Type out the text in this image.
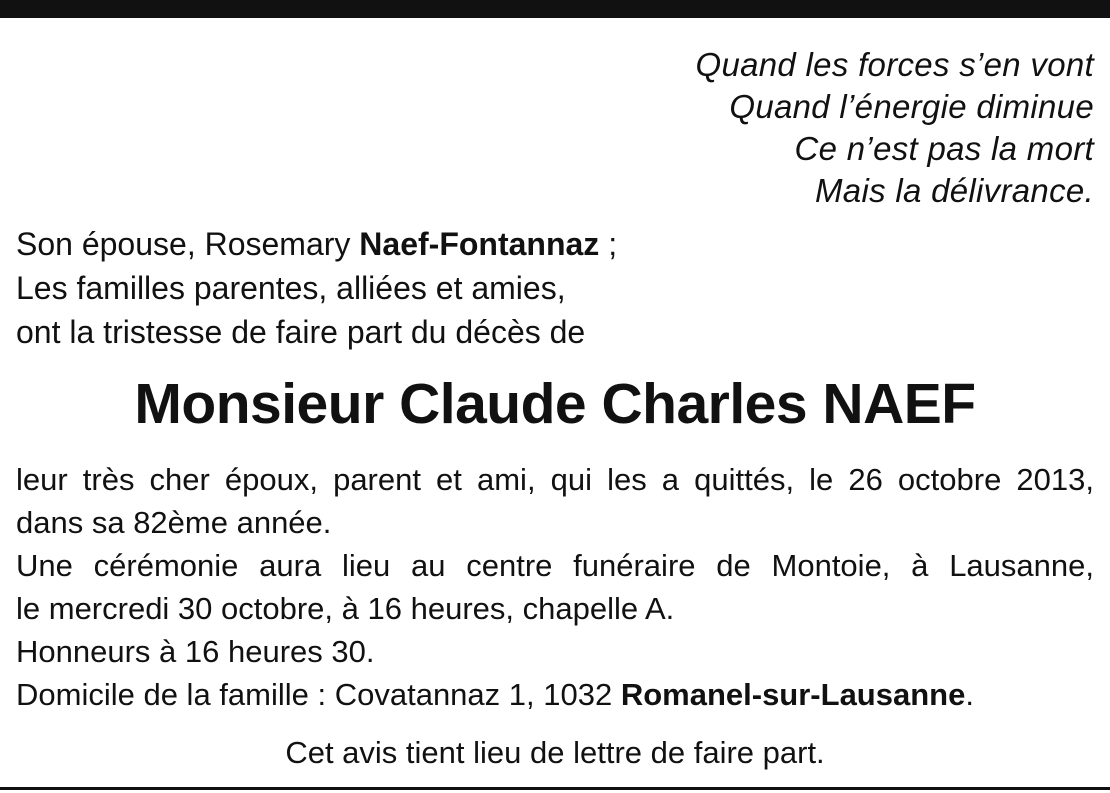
Quand les forces s’en vont
Quand l’énergie diminue
Ce n’est pas la mort
Mais la délivrance.
Son épouse, Rosemary Naef-Fontannaz ;
Les familles parentes, alliées et amies,
ont la tristesse de faire part du décès de
Monsieur Claude Charles NAEF
leur très cher époux, parent et ami, qui les a quittés, le 26 octobre 2013,
dans sa 82ème année.
Une cérémonie aura lieu au centre funéraire de Montoie, à Lausanne,
le mercredi 30 octobre, à 16 heures, chapelle A.
Honneurs à 16 heures 30.
Domicile de la famille : Covatannaz 1, 1032 Romanel-sur-Lausanne.
Cet avis tient lieu de lettre de faire part.
